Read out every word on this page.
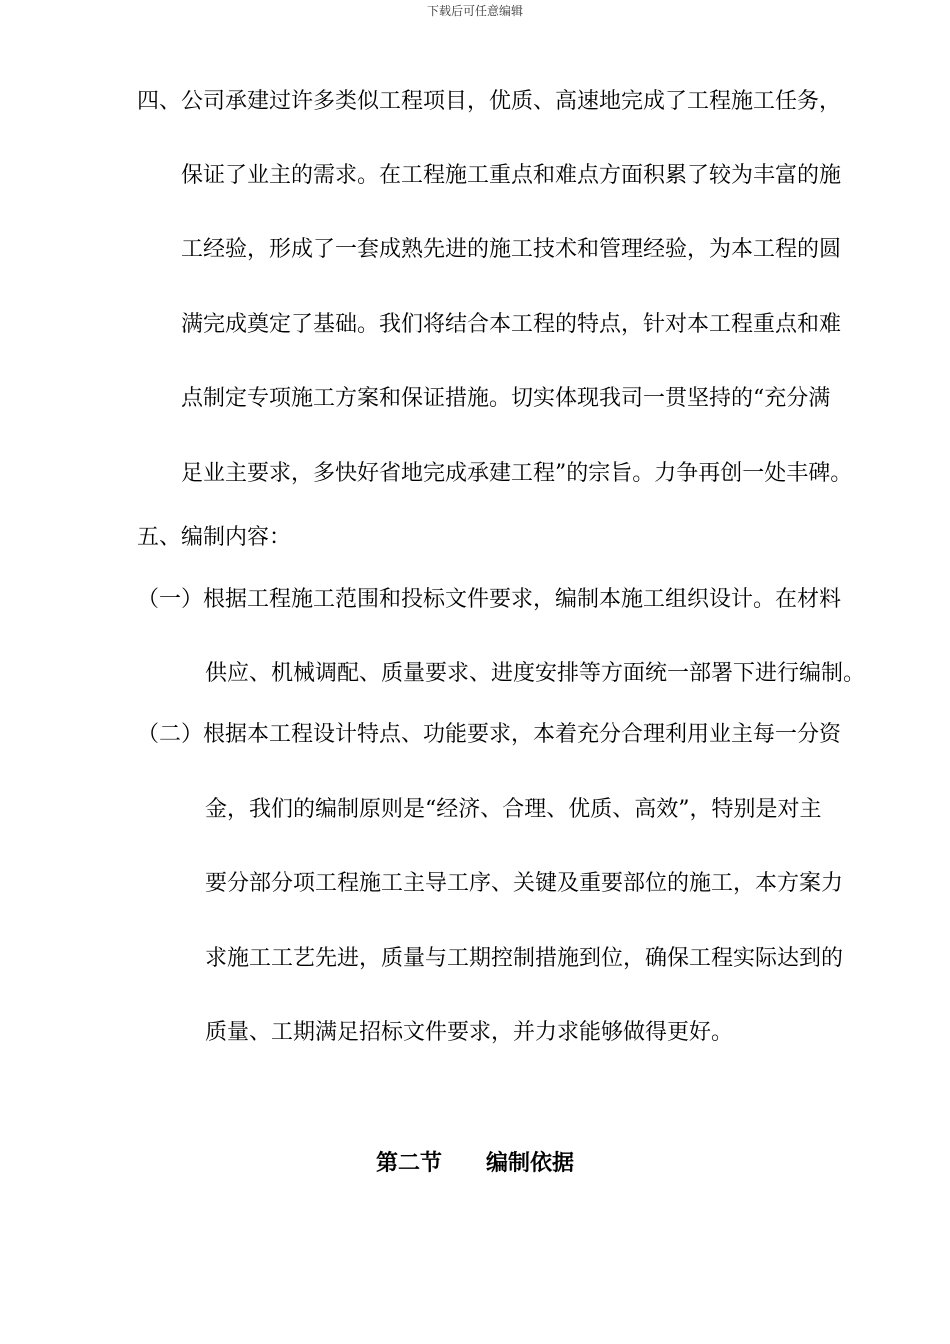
下载后可任意编辑
四、公司承建过许多类似工程项目，优质、高速地完成了工程施工任务，
保证了业主的需求。在工程施工重点和难点方面积累了较为丰富的施
工经验，形成了一套成熟先进的施工技术和管理经验，为本工程的圆
满完成奠定了基础。我们将结合本工程的特点，针对本工程重点和难
点制定专项施工方案和保证措施。切实体现我司一贯坚持的“充分满
足业主要求，多快好省地完成承建工程”的宗旨。力争再创一处丰碑。
五、编制内容：
（一）根据工程施工范围和投标文件要求，编制本施工组织设计。在材料
供应、机械调配、质量要求、进度安排等方面统一部署下进行编制。
（二）根据本工程设计特点、功能要求，本着充分合理利用业主每一分资
金，我们的编制原则是“经济、合理、优质、高效”，特别是对主
要分部分项工程施工主导工序、关键及重要部位的施工，本方案力
求施工工艺先进，质量与工期控制措施到位，确保工程实际达到的
质量、工期满足招标文件要求，并力求能够做得更好。
第二节　　编制依据
